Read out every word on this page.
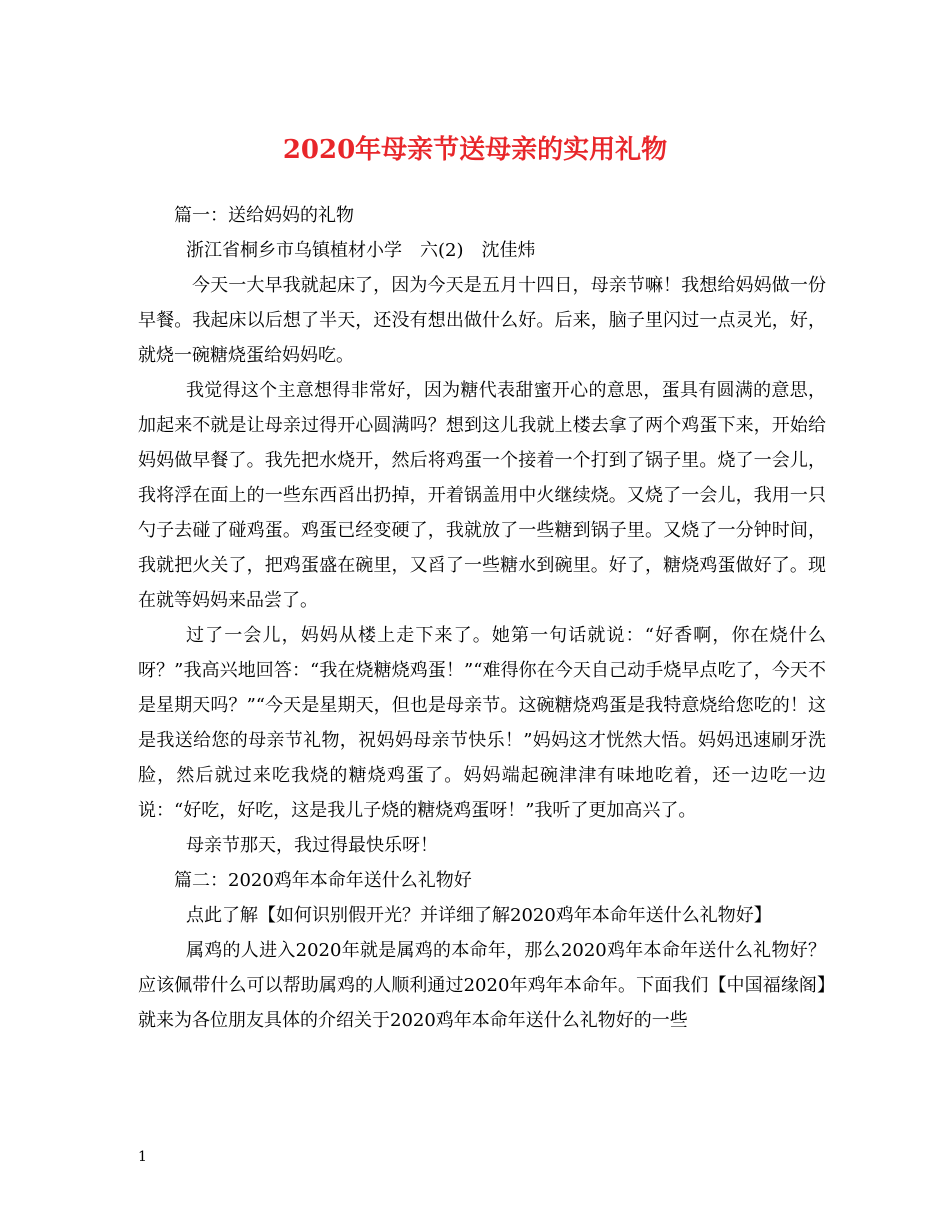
2020年母亲节送母亲的实用礼物

篇一：送给妈妈的礼物

浙江省桐乡市乌镇植材小学　六(2)　沈佳炜

今天一大早我就起床了，因为今天是五月十四日，母亲节嘛！我想给妈妈做一份早餐。我起床以后想了半天，还没有想出做什么好。后来，脑子里闪过一点灵光，好，就烧一碗糖烧蛋给妈妈吃。

我觉得这个主意想得非常好，因为糖代表甜蜜开心的意思，蛋具有圆满的意思，加起来不就是让母亲过得开心圆满吗？想到这儿我就上楼去拿了两个鸡蛋下来，开始给妈妈做早餐了。我先把水烧开，然后将鸡蛋一个接着一个打到了锅子里。烧了一会儿，我将浮在面上的一些东西舀出扔掉，开着锅盖用中火继续烧。又烧了一会儿，我用一只勺子去碰了碰鸡蛋。鸡蛋已经变硬了，我就放了一些糖到锅子里。又烧了一分钟时间，我就把火关了，把鸡蛋盛在碗里，又舀了一些糖水到碗里。好了，糖烧鸡蛋做好了。现在就等妈妈来品尝了。

过了一会儿，妈妈从楼上走下来了。她第一句话就说：“好香啊，你在烧什么呀？”我高兴地回答：“我在烧糖烧鸡蛋！”“难得你在今天自己动手烧早点吃了，今天不是星期天吗？”“今天是星期天，但也是母亲节。这碗糖烧鸡蛋是我特意烧给您吃的！这是我送给您的母亲节礼物，祝妈妈母亲节快乐！”妈妈这才恍然大悟。妈妈迅速刷牙洗脸，然后就过来吃我烧的糖烧鸡蛋了。妈妈端起碗津津有味地吃着，还一边吃一边说：“好吃，好吃，这是我儿子烧的糖烧鸡蛋呀！”我听了更加高兴了。

母亲节那天，我过得最快乐呀！

篇二：2020鸡年本命年送什么礼物好

点此了解【如何识别假开光？并详细了解2020鸡年本命年送什么礼物好】

属鸡的人进入2020年就是属鸡的本命年，那么2020鸡年本命年送什么礼物好？ 应该佩带什么可以帮助属鸡的人顺利通过2020年鸡年本命年。下面我们【中国福缘阁】就来为各位朋友具体的介绍关于2020鸡年本命年送什么礼物好的一些

1
